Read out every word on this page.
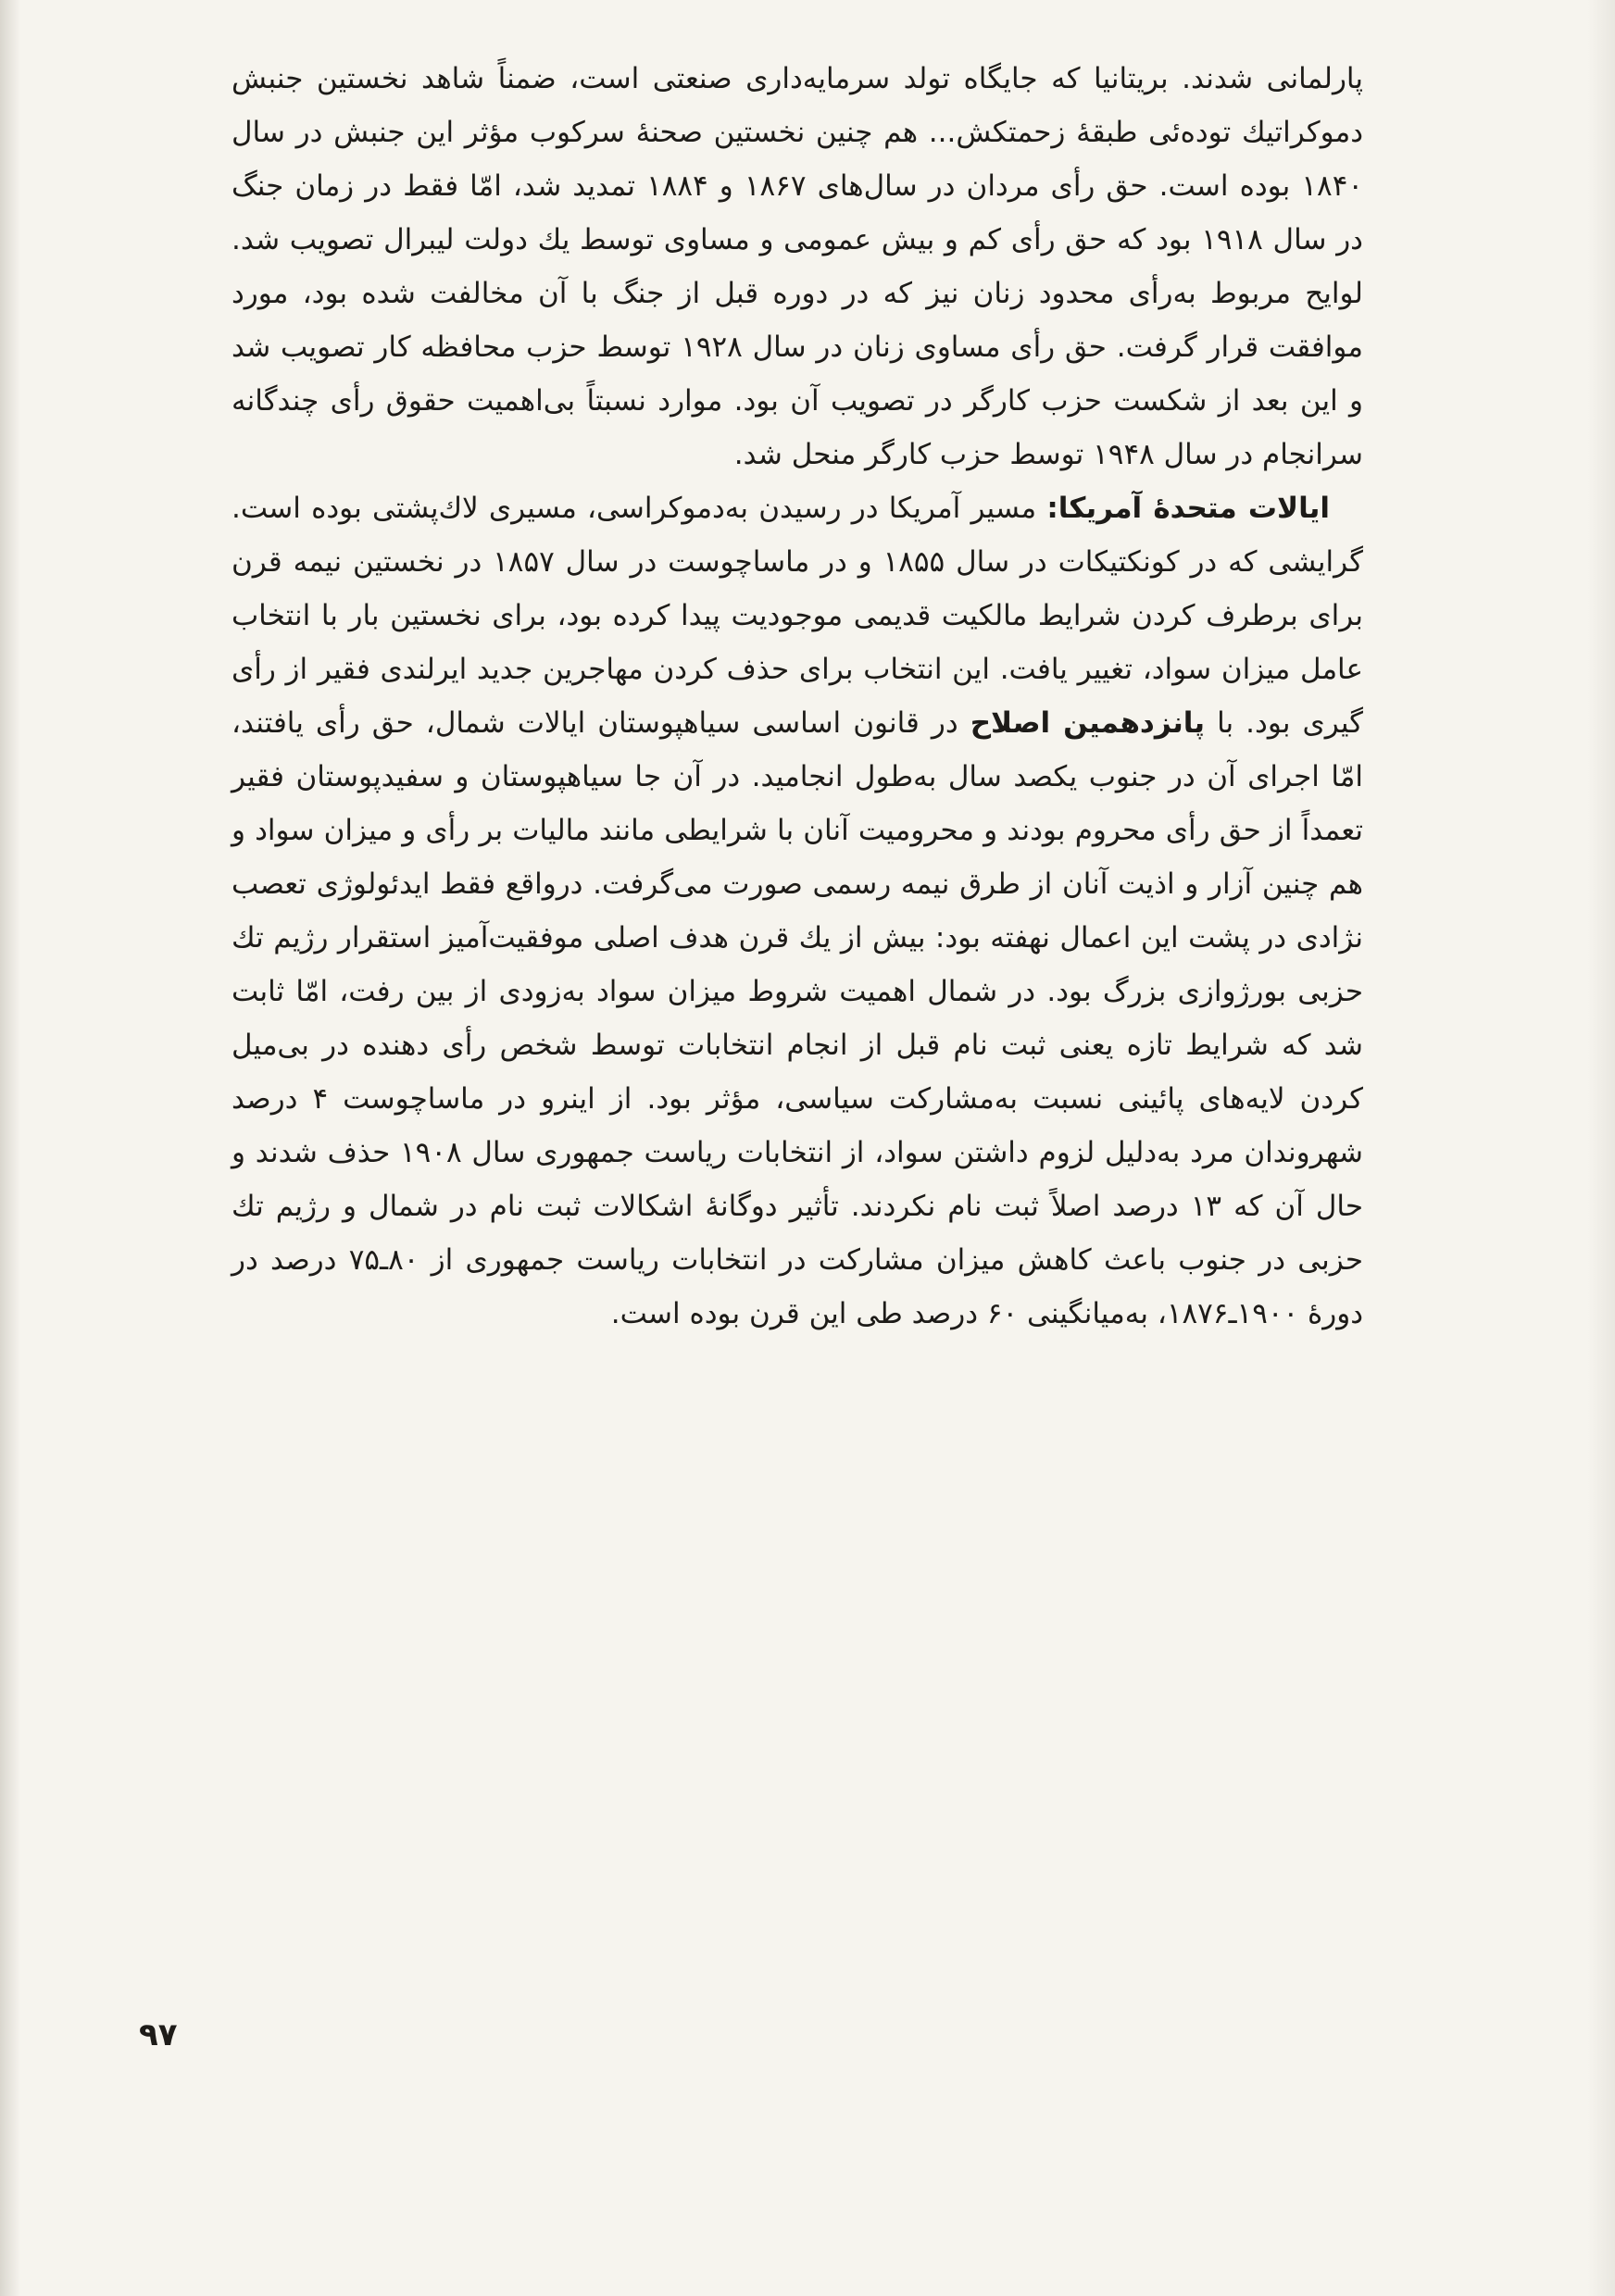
پارلمانی شدند. بریتانیا که جایگاه تولد سرمایه‌داری صنعتی است، ضمناً شاهد نخستین جنبش دموکراتیك توده‌ئی طبقۀ زحمتکش... هم چنین نخستین صحنۀ سرکوب مؤثر این جنبش در سال ۱۸۴۰ بوده است. حق رأی مردان در سال‌های ۱۸۶۷ و ۱۸۸۴ تمدید شد، امّا فقط در زمان جنگ در سال ۱۹۱۸ بود که حق رأی کم و بیش عمومی و مساوی توسط یك دولت لیبرال تصویب شد. لوایح مربوط به‌رأی محدود زنان نیز که در دوره قبل از جنگ با آن مخالفت شده بود، مورد موافقت قرار گرفت. حق رأی مساوی زنان در سال ۱۹۲۸ توسط حزب محافظه کار تصویب شد و این بعد از شکست حزب کارگر در تصویب آن بود. موارد نسبتاً بی‌اهمیت حقوق رأی چندگانه سرانجام در سال ۱۹۴۸ توسط حزب کارگر منحل شد.

ایالات متحدۀ آمریکا: مسیر آمریکا در رسیدن به‌دموکراسی، مسیری لاك‌پشتی بوده است. گرایشی که در کونکتیکات در سال ۱۸۵۵ و در ماساچوست در سال ۱۸۵۷ در نخستین نیمه قرن برای برطرف کردن شرایط مالکیت قدیمی موجودیت پیدا کرده بود، برای نخستین بار با انتخاب عامل میزان سواد، تغییر یافت. این انتخاب برای حذف کردن مهاجرین جدید ایرلندی فقیر از رأی گیری بود. با پانزدهمین اصلاح در قانون اساسی سیاهپوستان ایالات شمال، حق رأی یافتند، امّا اجرای آن در جنوب یکصد سال به‌طول انجامید. در آن جا سیاهپوستان و سفیدپوستان فقیر تعمداً از حق رأی محروم بودند و محرومیت آنان با شرایطی مانند مالیات بر رأی و میزان سواد و هم چنین آزار و اذیت آنان از طرق نیمه رسمی صورت می‌گرفت. درواقع فقط ایدئولوژی تعصب نژادی در پشت این اعمال نهفته بود: بیش از یك قرن هدف اصلی موفقیت‌آمیز استقرار رژیم تك حزبی بورژوازی بزرگ بود. در شمال اهمیت شروط میزان سواد به‌زودی از بین رفت، امّا ثابت شد که شرایط تازه یعنی ثبت نام قبل از انجام انتخابات توسط شخص رأی دهنده در بی‌میل کردن لایه‌های پائینی نسبت به‌مشارکت سیاسی، مؤثر بود. از اینرو در ماساچوست ۴ درصد شهروندان مرد به‌دلیل لزوم داشتن سواد، از انتخابات ریاست جمهوری سال ۱۹۰۸ حذف شدند و حال آن که ۱۳ درصد اصلاً ثبت نام نکردند. تأثیر دوگانۀ اشکالات ثبت نام در شمال و رژیم تك حزبی در جنوب باعث کاهش میزان مشارکت در انتخابات ریاست جمهوری از ۸۰ـ۷۵ درصد در دورۀ ۱۹۰۰ـ۱۸۷۶، به‌میانگینی ۶۰ درصد طی این قرن بوده است.

۹۷
